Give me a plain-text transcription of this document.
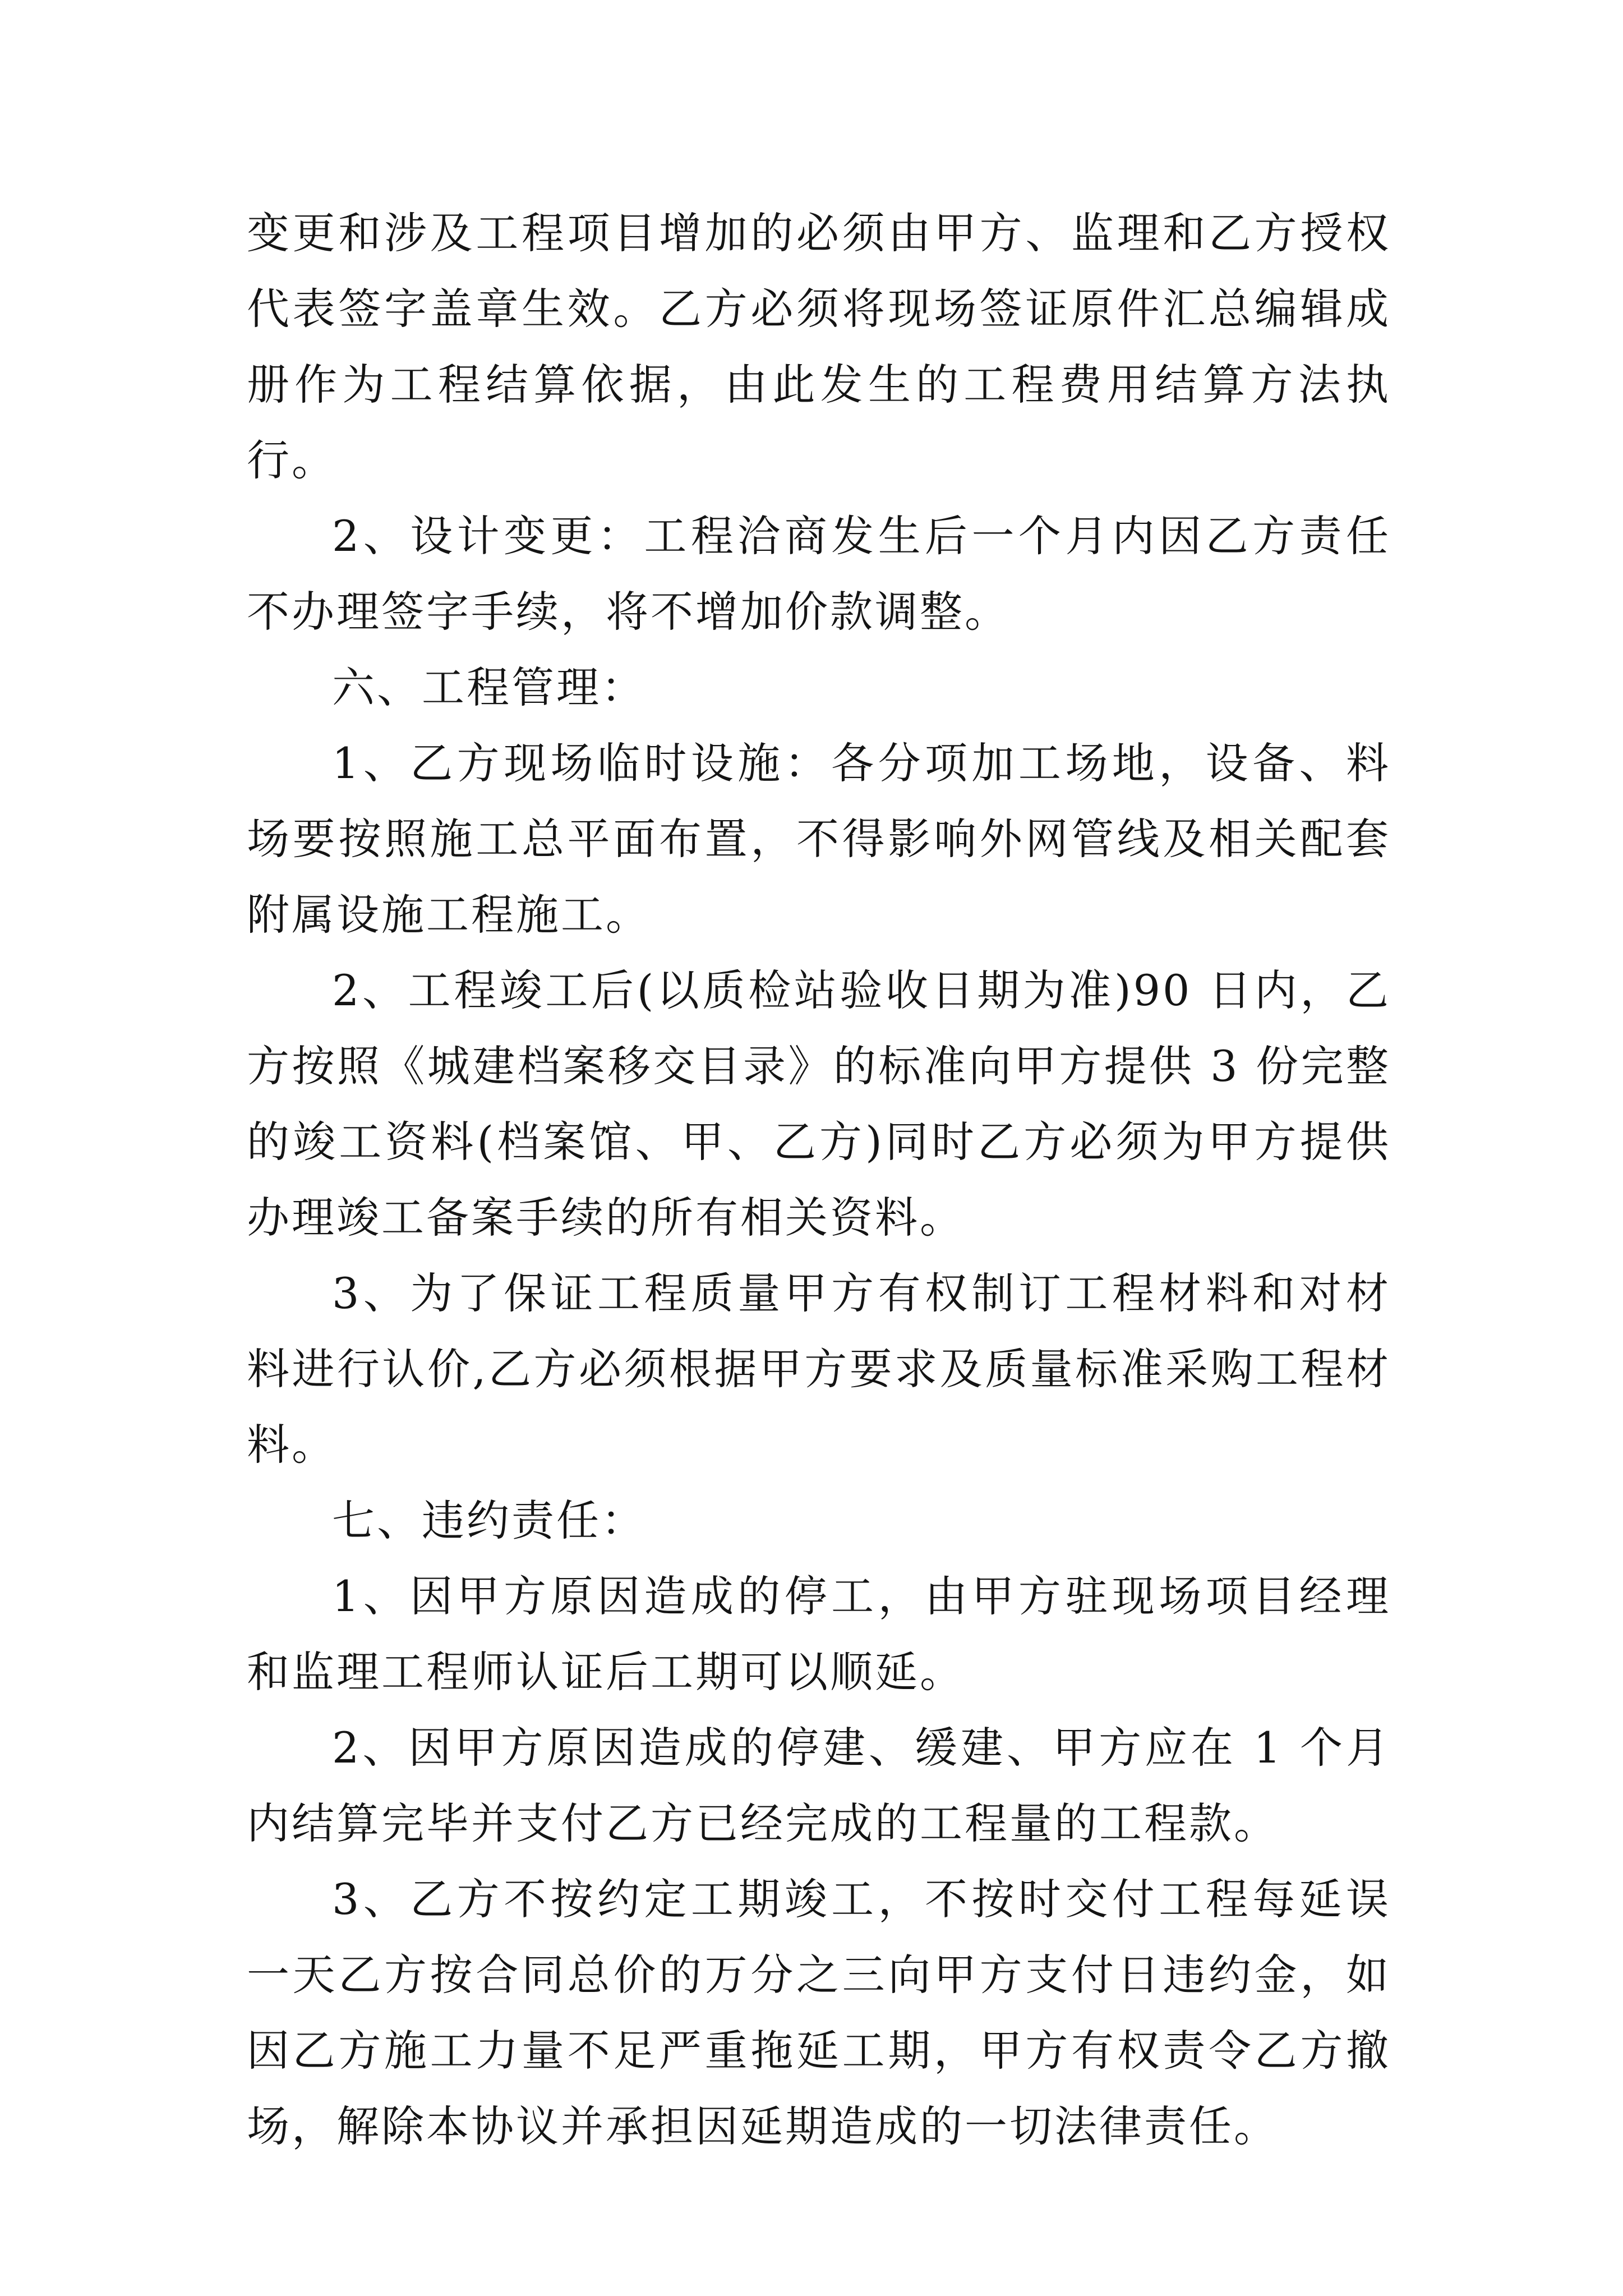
变更和涉及工程项目增加的必须由甲方、监理和乙方授权代表签字盖章生效。乙方必须将现场签证原件汇总编辑成册作为工程结算依据，由此发生的工程费用结算方法执行。

2、设计变更：工程洽商发生后一个月内因乙方责任不办理签字手续，将不增加价款调整。

六、工程管理：

1、乙方现场临时设施：各分项加工场地，设备、料场要按照施工总平面布置，不得影响外网管线及相关配套附属设施工程施工。

2、工程竣工后(以质检站验收日期为准)90 日内，乙方按照《城建档案移交目录》的标准向甲方提供 3 份完整的竣工资料(档案馆、甲、乙方)同时乙方必须为甲方提供办理竣工备案手续的所有相关资料。

3、为了保证工程质量甲方有权制订工程材料和对材料进行认价,乙方必须根据甲方要求及质量标准采购工程材料。

七、违约责任：

1、因甲方原因造成的停工，由甲方驻现场项目经理和监理工程师认证后工期可以顺延。

2、因甲方原因造成的停建、缓建、甲方应在 1 个月内结算完毕并支付乙方已经完成的工程量的工程款。

3、乙方不按约定工期竣工，不按时交付工程每延误一天乙方按合同总价的万分之三向甲方支付日违约金，如因乙方施工力量不足严重拖延工期，甲方有权责令乙方撤场，解除本协议并承担因延期造成的一切法律责任。
